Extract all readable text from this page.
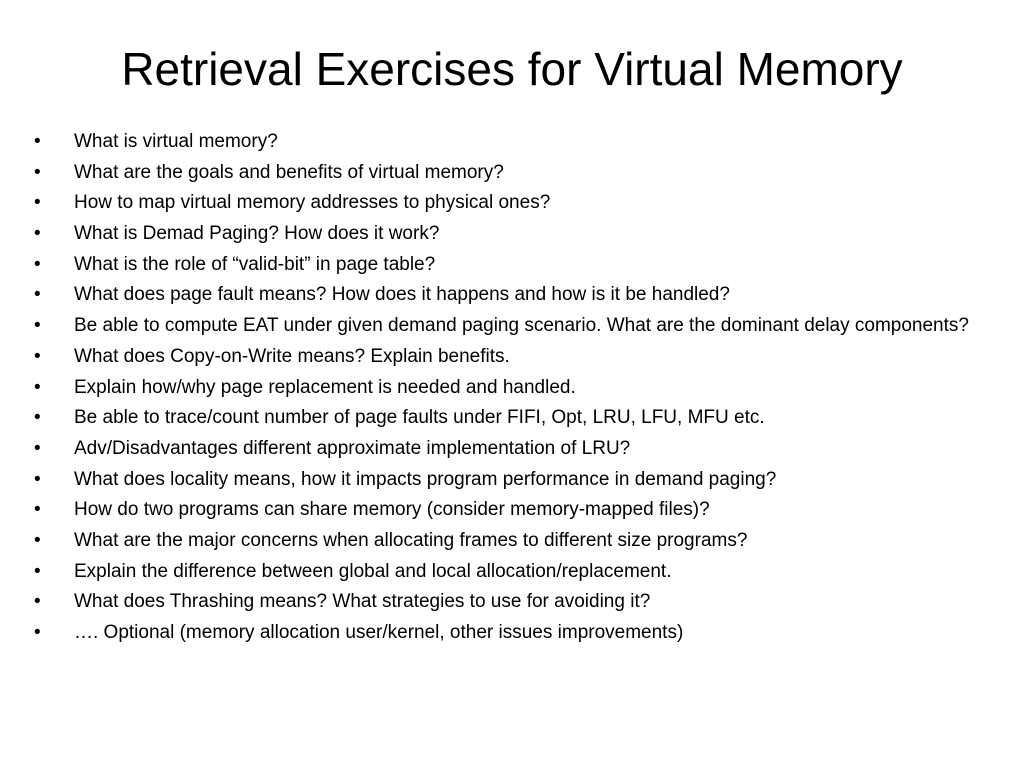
Retrieval Exercises for Virtual Memory
•	What is virtual memory?
•	What are the goals and benefits of virtual memory?
•	How to map virtual memory addresses to physical ones?
•	What is Demad Paging? How does it work?
•	What is the role of “valid-bit” in page table?
•	What does page fault means? How does it happens and how is it be handled?
•	Be able to compute EAT under given demand paging scenario. What are the dominant delay components?
•	What does Copy-on-Write means? Explain benefits.
•	Explain how/why page replacement is needed and handled.
•	Be able to trace/count number of page faults under FIFI, Opt, LRU, LFU, MFU etc.
•	Adv/Disadvantages different approximate implementation of LRU?
•	What does locality means, how it impacts program performance in demand paging?
•	How do two programs can share memory (consider memory-mapped files)?
•	What are the major concerns when allocating frames to different size programs?
•	Explain the difference between global and local allocation/replacement.
•	What does Thrashing means? What strategies to use for avoiding it?
•	…. Optional (memory allocation user/kernel, other issues improvements)
